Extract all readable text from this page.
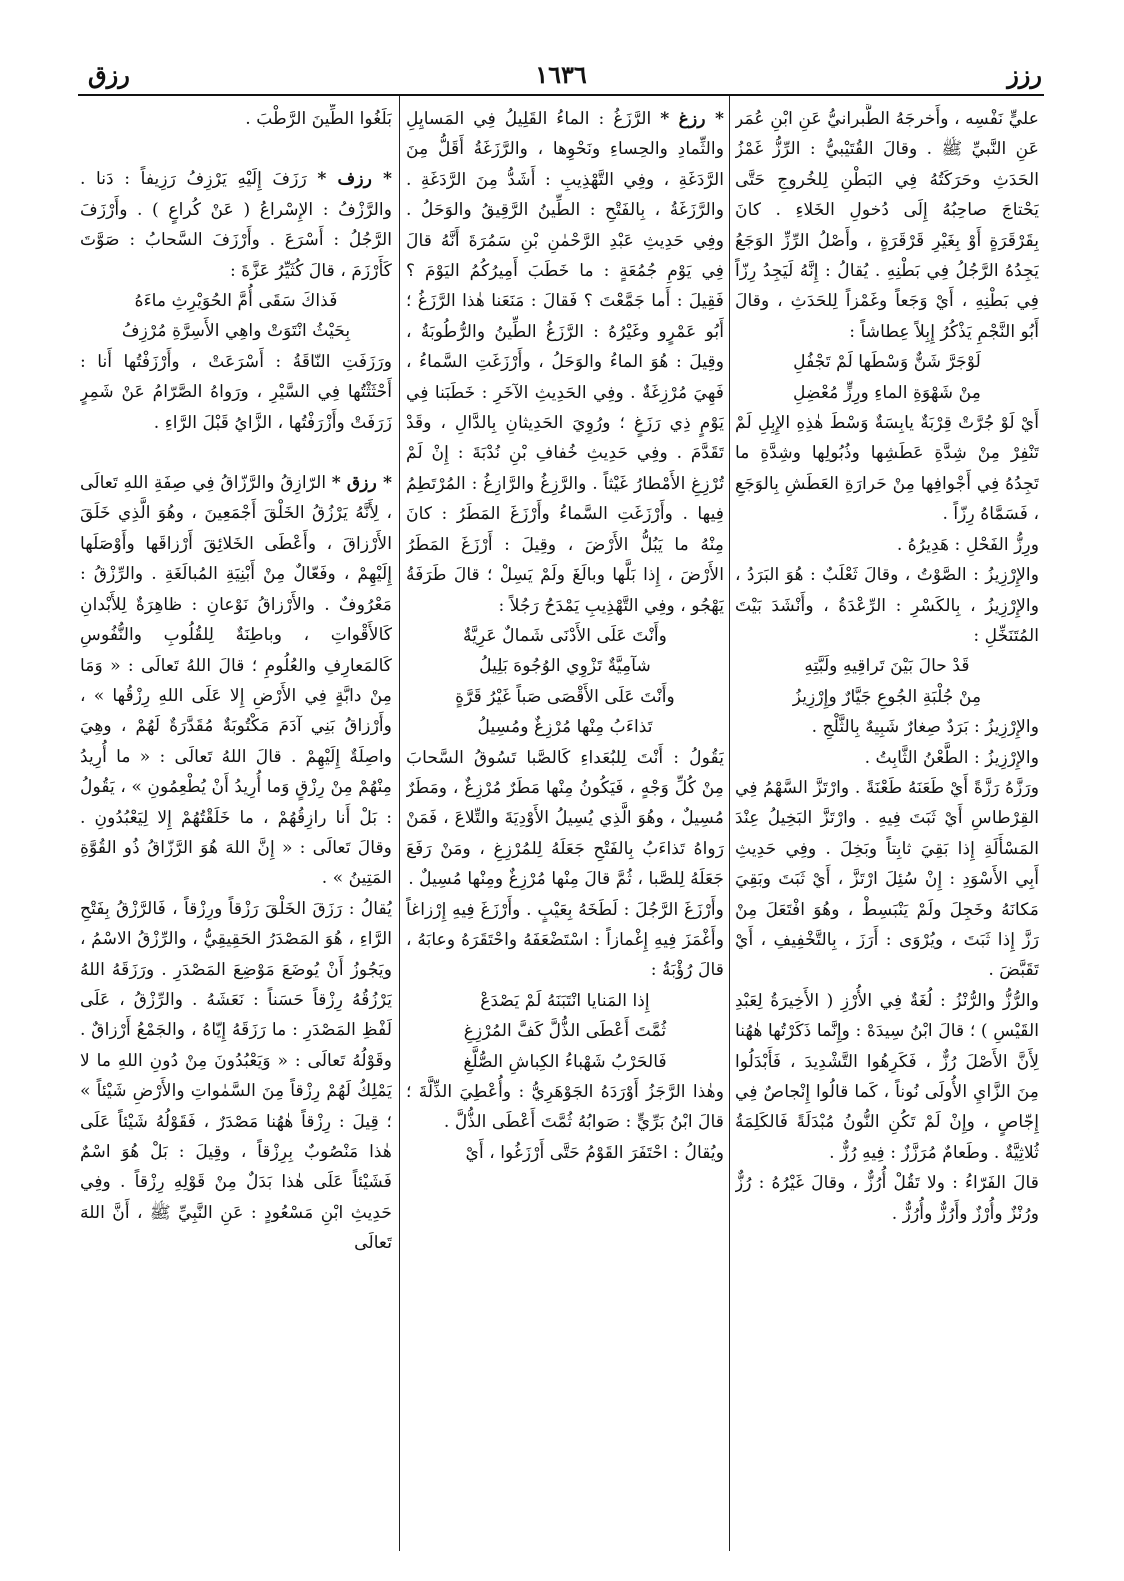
رزق	١٦٣٦	رزز

عليٍّ نَفْسِه ، وأَخرجَهُ الطَّبرانيُّ عَنِ ابْنِ عُمَر عَنِ النَّبيِّ ﷺ . وقالَ القُتَيْبيُّ : الرِّزُّ غَمْزُ الحَدَثِ وحَرَكَتُهُ فِي البَطْنِ لِلخُروجِ حَتَّى يَحْتاجَ صاحِبُهُ إِلَى دُخولِ الخَلاءِ . كانَ بِقَرْقَرَةٍ أَوْ بِغَيْرِ قَرْقَرَةٍ ، وأَصْلُ الرِّزِّ الوَجَعُ يَجِدُهُ الرَّجُلُ فِي بَطْنِهِ . يُقالُ : إِنَّهُ لَيَجِدُ رِزّاً فِي بَطْنِهِ ، أَيْ وَجَعاً وغَمْزاً لِلحَدَثِ ، وقالَ أَبُو النَّجْمِ يَذْكُرُ إِبِلاً عِطاشاً :

لَوْجَرَّ شَنٌّ وَسْطَها لَمْ تَجْفُلِ

مِنْ شَهْوَةِ الماءِ ورِزٍّ مُعْضِلِ

أَيْ لَوْ جُرَّتْ قِرْبَةٌ يابِسَةٌ وَسْطَ هٰذِهِ الإِبِلِ لَمْ تَنْفِرْ مِنْ شِدَّةِ عَطَشِها وذُبُولِها وشِدَّةِ ما تَجِدُهُ فِي أَجْوافِها مِنْ حَرارَةِ العَطَشِ بِالوَجَعِ ، فَسَمَّاهُ رِزّاً .

ورِزُّ الفَحْلِ : هَدِيرُهُ .

والإِرْزِيزُ : الصَّوْتُ ، وقالَ ثَعْلَبٌ : هُوَ البَرَدُ ، والإِرْزِيزُ ، بِالكَسْرِ : الرِّعْدَةُ ، وأَنْشَدَ بَيْتَ المُتَنَخِّلِ :

قَدْ حالَ بَيْنَ تَراقِيهِ ولَبَّتِهِ

مِنْ جُلْبَةِ الجُوعِ جَيَّارٌ وإِرْزِيزُ

والإِرْزِيزُ : بَرَدٌ صِغارٌ شَبِيهٌ بِالثَّلْجِ .

والإِرْزِيزُ : الطَّعْنُ الثَّابِتُ .

ورَزَّهُ رَزَّةً أَيْ طَعَنَهُ طَعْنَةً . وارْتَزَّ السَّهْمُ فِي القِرْطاسِ أَيْ ثَبَتَ فِيهِ . وارْتَزَّ البَخِيلُ عِنْدَ المَسْأَلَةِ إِذا بَقِيَ ثابِتاً وبَخِلَ . وفِي حَدِيثِ أَبِي الأَسْوَدِ : إِنْ سُئِلَ ارْتَزَّ ، أَيْ ثَبَتَ وبَقِيَ مَكانَهُ وخَجِلَ ولَمْ يَنْبَسِطْ ، وهُوَ افْتَعَلَ مِنْ رَزَّ إِذا ثَبَتَ ، ويُرْوَى : أَرَزَ ، بِالتَّخْفِيفِ ، أَيْ تَقَبَّضَ .

والرُّزُّ والرُّنْزُ : لُغَةٌ فِي الأُرْزِ ( الأَخِيرَةُ لِعَبْدِ القَيْسِ ) ؛ قالَ ابْنُ سِيدَهْ : وإِنَّما ذَكَرْتُها هٰهُنا لِأَنَّ الأَصْلَ رُزٌّ ، فَكَرِهُوا التَّشْدِيدَ ، فَأَبْدَلُوا مِنَ الزَّايِ الأُولَى نُوناً ، كَما قالُوا إِنْجاصٌ فِي إِجّاصٍ ، وإِنْ لَمْ تَكُنِ النُّونُ مُبْدَلَةً فَالكَلِمَةُ ثُلاثِيَّةٌ . وطَعامٌ مُرَزَّزٌ : فِيهِ رُزٌّ .

قالَ الفَرّاءُ : ولا تَقُلْ أُرُزٌّ ، وقالَ غَيْرُهُ : رُزٌّ ورُنْزٌ وأُرْزٌ وأَرُزٌّ وأُرُزٌّ .

* رزغ * الرَّزَغُ : الماءُ القَلِيلُ فِي المَسايِلِ والثِّمادِ والحِساءِ ونَحْوِها ، والرَّزَغَةُ أَقَلُّ مِنَ الرَّدَغَةِ ، وفِي التَّهْذِيبِ : أَشَدُّ مِنَ الرَّدَغَةِ . والرَّزَغَةُ ، بِالفَتْحِ : الطِّينُ الرَّقِيقُ والوَحَلُ . وفِي حَدِيثِ عَبْدِ الرَّحْمٰنِ بْنِ سَمُرَةَ أَنَّهُ قالَ فِي يَوْمِ جُمُعَةٍ : ما خَطَبَ أَمِيرُكُمُ اليَوْمَ ؟ فَقِيلَ : أَما جَمَّعْتَ ؟ فَقالَ : مَنَعَنا هٰذا الرَّزَغُ ؛ أَبُو عَمْرٍو وغَيْرُهُ : الرَّزَغُ الطِّينُ والرُّطُوبَةُ ، وقِيلَ : هُوَ الماءُ والوَحَلُ ، وأَرْزَغَتِ السَّماءُ ، فَهِيَ مُرْزِغَةٌ . وفِي الحَدِيثِ الآخَرِ : خَطَبَنا فِي يَوْمٍ ذِي رَزَغٍ ؛ ورُوِيَ الحَدِيثانِ بِالدَّالِ ، وقَدْ تَقَدَّمَ . وفِي حَدِيثِ خُفافِ بْنِ نُدْبَةَ : إِنْ لَمْ تُرْزِغِ الأَمْطارُ غَيْثاً . والرَّزِغُ والرَّازِغُ : المُرْتَطِمُ فِيها . وأَرْزَغَتِ السَّماءُ وأَرْزَغَ المَطَرُ : كانَ مِنْهُ ما يَبُلُّ الأَرْضَ ، وقِيلَ : أَرْزَغَ المَطَرُ الأَرْضَ ، إِذا بَلَّها وبالَغَ ولَمْ يَسِلْ ؛ قالَ طَرَفَةُ يَهْجُو ، وفِي التَّهْذِيبِ يَمْدَحُ رَجُلاً :

وأَنْتَ عَلَى الأَدْنَى شَمالٌ عَرِيَّةٌ

شآمِيَّةٌ تَزْوِي الوُجُوهَ بَلِيلُ

وأَنْتَ عَلَى الأَقْصَى صَباً غَيْرُ قَرَّةٍ

تَذاءَبُ مِنْها مُرْزِغٌ ومُسِيلُ

يَقُولُ : أَنْتَ لِلبُعَداءِ كَالصَّبا تَسُوقُ السَّحابَ مِنْ كُلِّ وَجْهٍ ، فَيَكُونُ مِنْها مَطَرٌ مُرْزِغٌ ، ومَطَرٌ مُسِيلٌ ، وهُوَ الَّذِي يُسِيلُ الأَوْدِيَةَ والتِّلاعَ ، فَمَنْ رَواهُ تَذاءَبُ بِالفَتْحِ جَعَلَهُ لِلمُرْزِغِ ، ومَنْ رَفَعَ جَعَلَهُ لِلصَّبا ، ثُمَّ قالَ مِنْها مُرْزِغٌ ومِنْها مُسِيلٌ .

وأَرْزَغَ الرَّجُلَ : لَطَخَهُ بِعَيْبٍ . وأَرْزَغَ فِيهِ إِرْزاغاً وأَغْمَزَ فِيهِ إِغْمازاً : اسْتَضْعَفَهُ واحْتَقَرَهُ وعابَهُ ، قالَ رُؤْبَةُ :

إِذا المَنايا انْتَبَنَهُ لَمْ يَصْدَعْ

ثُمَّتَ أَعْطَى الذُّلَّ كَفَّ المُرْزِغِ

فَالحَرْبُ شَهْباءُ الكِباشِ الصُّلَّغِ

وهٰذا الرَّجَزُ أَوْرَدَهُ الجَوْهَرِيُّ : وأُعْطِيَ الذِّلَّةَ ؛ قالَ ابْنُ بَرِّيٍّ : صَوابُهُ ثُمَّتَ أَعْطَى الذُّلَّ .

ويُقالُ : احْتَفَرَ القَوْمُ حَتَّى أَرْزَغُوا ، أَيْ

بَلَغُوا الطِّينَ الرَّطْبَ .

* رزف * رَزَفَ إِلَيْهِ يَرْزِفُ رَزِيفاً : دَنا . والرَّزْفُ : الإِسْراعُ ( عَنْ كُراعٍ ) . وأَرْزَفَ الرَّجُلُ : أَسْرَعَ . وأَرْزَفَ السَّحابُ : صَوَّتَ كَأَرْزَمَ ، قالَ كُثَيِّرُ عَزَّةَ :

فَذاكَ سَقَى أُمَّ الحُوَيْرِثِ ماءَهُ

بِحَيْثُ انْتَوَتْ واهِي الأَسِرَّةِ مُرْزِفُ

ورَزَفَتِ النّاقَةُ : أَسْرَعَتْ ، وأَرْزَفْتُها أَنا : أَحْثَثْتُها فِي السَّيْرِ ، ورَواهُ الصَّرّامُ عَنْ شَمِرٍ زَرَفَتْ وأَزْرَفْتُها ، الزَّايُ قَبْلَ الرَّاءِ .

* رزق * الرّازِقُ والرَّزّاقُ فِي صِفَةِ اللهِ تَعالَى ، لِأَنَّهُ يَرْزُقُ الخَلْقَ أَجْمَعِينَ ، وهُوَ الَّذِي خَلَقَ الأَرْزاقَ ، وأَعْطَى الخَلائِقَ أَرْزاقَها وأَوْصَلَها إِلَيْهِمْ ، وفَعّالٌ مِنْ أَبْنِيَةِ المُبالَغَةِ . والرِّزْقُ : مَعْرُوفٌ . والأَرْزاقُ نَوْعانِ : ظاهِرَةٌ لِلأَبْدانِ كَالأَقْواتِ ، وباطِنَةٌ لِلقُلُوبِ والنُّفُوسِ كَالمَعارِفِ والعُلُومِ ؛ قالَ اللهُ تَعالَى : « وَمَا مِنْ دابَّةٍ فِي الأَرْضِ إِلا عَلَى اللهِ رِزْقُها » ، وأَرْزاقُ بَنِي آدَمَ مَكْتُوبَةٌ مُقَدَّرَةٌ لَهُمْ ، وهِيَ واصِلَةٌ إِلَيْهِمْ . قالَ اللهُ تَعالَى : « ما أُرِيدُ مِنْهُمْ مِنْ رِزْقٍ وَما أُرِيدُ أَنْ يُطْعِمُونِ » ، يَقُولُ : بَلْ أَنا رازِقُهُمْ ، ما خَلَقْتُهُمْ إِلا لِيَعْبُدُونِ . وقالَ تَعالَى : « إِنَّ اللهَ هُوَ الرَّزّاقُ ذُو القُوَّةِ المَتِينُ » .

يُقالُ : رَزَقَ الخَلْقَ رَزْقاً ورِزْقاً ، فَالرَّزْقُ بِفَتْحِ الرَّاءِ ، هُوَ المَصْدَرُ الحَقِيقِيُّ ، والرِّزْقُ الاسْمُ ، ويَجُوزُ أَنْ يُوضَعَ مَوْضِعَ المَصْدَرِ . ورَزَقَهُ اللهُ يَرْزُقُهُ رِزْقاً حَسَناً : نَعَشَهُ . والرِّزْقُ ، عَلَى لَفْظِ المَصْدَرِ : ما رَزَقَهُ إِيّاهُ ، والجَمْعُ أَرْزاقٌ . وقَوْلُهُ تَعالَى : « وَيَعْبُدُونَ مِنْ دُونِ اللهِ ما لا يَمْلِكُ لَهُمْ رِزْقاً مِنَ السَّمٰواتِ والأَرْضِ شَيْئاً » ؛ قِيلَ : رِزْقاً هٰهُنا مَصْدَرٌ ، فَقَوْلُهُ شَيْئاً عَلَى هٰذا مَنْصُوبٌ بِرِزْقاً ، وقِيلَ : بَلْ هُوَ اسْمٌ فَشَيْئاً عَلَى هٰذا بَدَلٌ مِنْ قَوْلِهِ رِزْقاً . وفِي حَدِيثِ ابْنِ مَسْعُودٍ : عَنِ النَّبِيِّ ﷺ ، أَنَّ اللهَ تَعالَى
